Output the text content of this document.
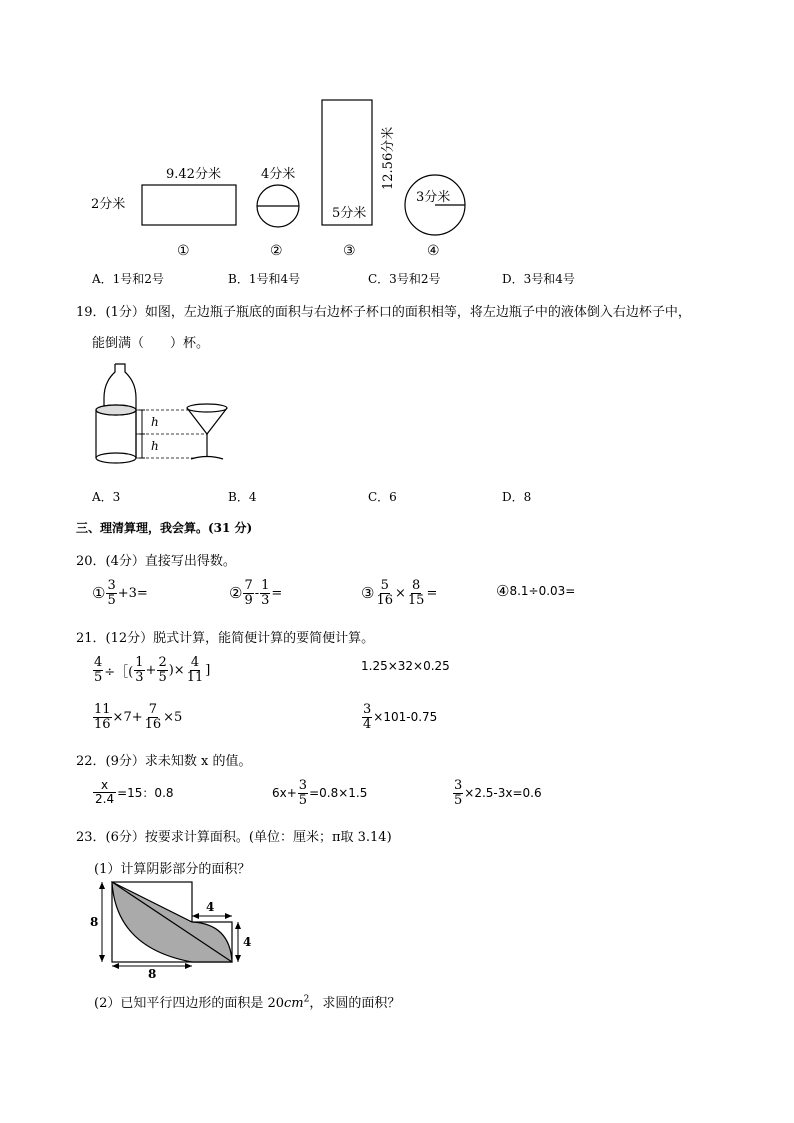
9.42分米
2分米
4分米
5分米
12.56分米
3分米
①	②	③	④
A．1号和2号	B．1号和4号	C．3号和2号	D．3号和4号
19．(1分）如图，左边瓶子瓶底的面积与右边杯子杯口的面积相等，将左边瓶子中的液体倒入右边杯子中，
能倒满（　　）杯。
h
h
A．3	B．4	C．6	D．8
三、理清算理，我会算。(31 分)
20．(4分）直接写出得数。
① $\frac{3}{5} +3=$	② $\frac{7}{9} - \frac{1}{3}$ =	③ $\frac{5}{16} \times \frac{8}{15}$ =	④ 8.1÷0.03=
21．(12分）脱式计算，能简便计算的要简便计算。
$\frac{4}{5}$ ÷［( $\frac{1}{3} + \frac{2}{5}$ )× $\frac{4}{11}$ ]	1.25×32×0.25
$\frac{11}{16} \times 7+ \frac{7}{16} \times 5$	$\frac{3}{4} \times 101-0.75$
22．(9分）求未知数 x 的值。
$\frac{x}{2.4} =15$：0.8	$6x+ \frac{3}{5} =0.8\times 1.5$	$\frac{3}{5} \times 2.5-3x=0.6$
23．(6分）按要求计算面积。(单位：厘米；π取 3.14)
(1）计算阴影部分的面积？
8
8
4
4
(2）已知平行四边形的面积是 $20cm^2$，求圆的面积？
